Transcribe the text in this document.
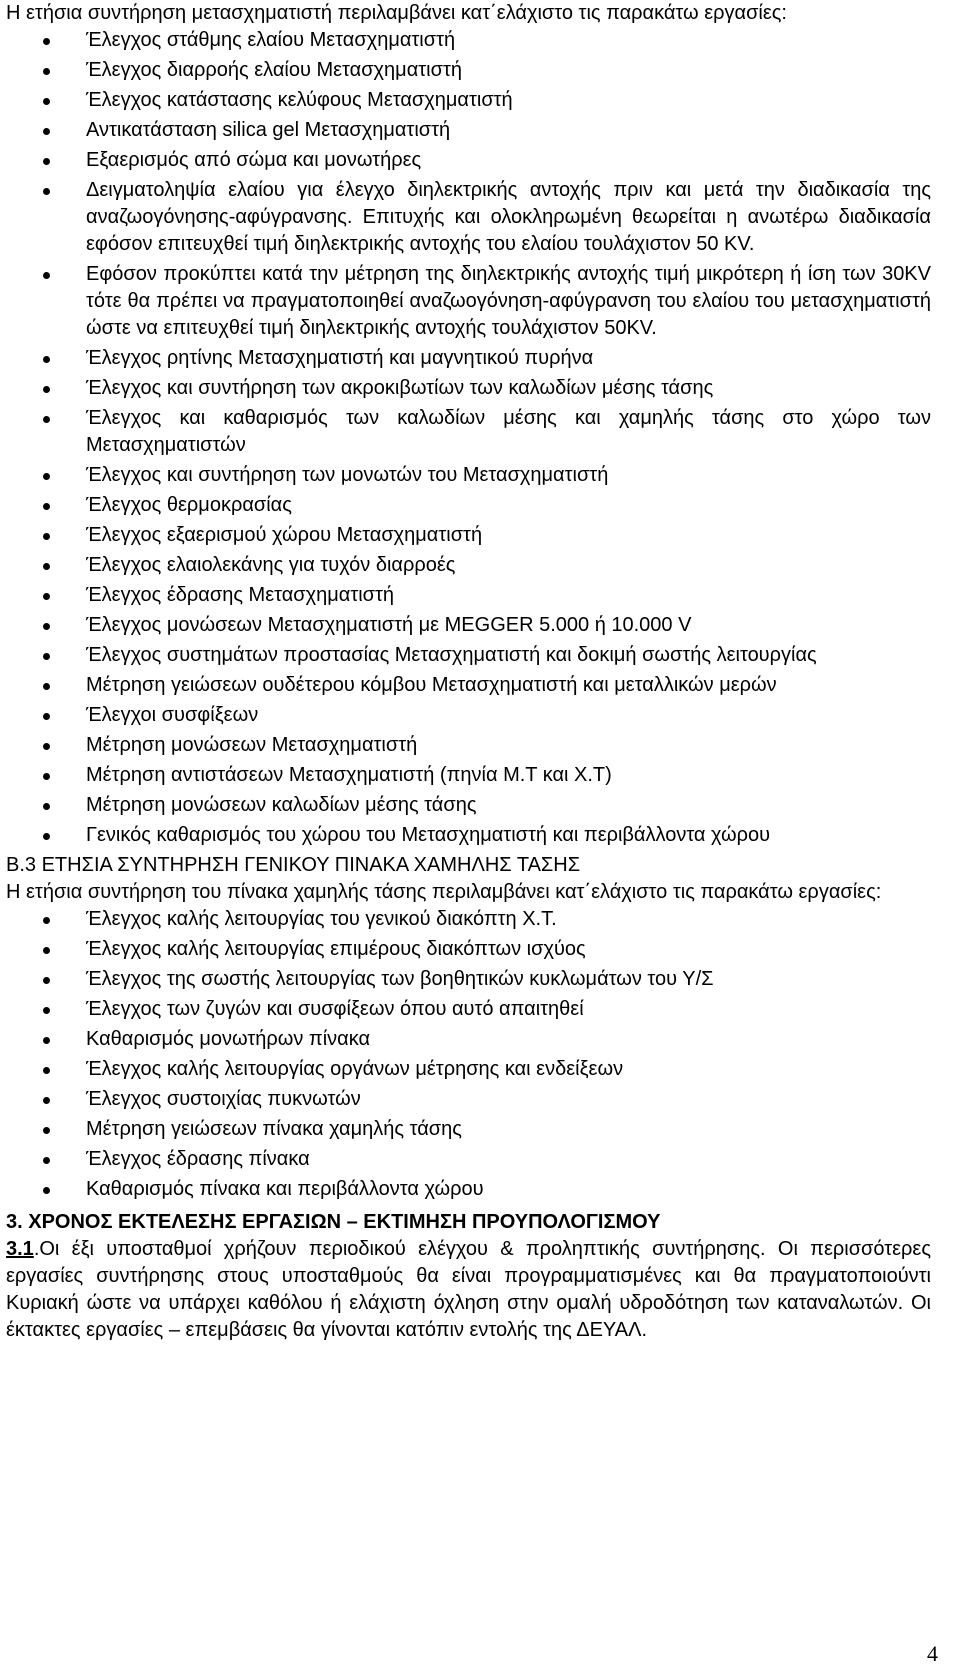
Η ετήσια συντήρηση μετασχηματιστή περιλαμβάνει κατ΄ελάχιστο τις παρακάτω εργασίες:

Έλεγχος στάθμης ελαίου Μετασχηματιστή
Έλεγχος διαρροής ελαίου Μετασχηματιστή
Έλεγχος κατάστασης κελύφους Μετασχηματιστή
Αντικατάσταση silica gel Μετασχηματιστή
Εξαερισμός από σώμα και μονωτήρες
Δειγματοληψία ελαίου για έλεγχο διηλεκτρικής αντοχής πριν και μετά την διαδικασία της αναζωογόνησης-αφύγρανσης. Επιτυχής και ολοκληρωμένη θεωρείται η ανωτέρω διαδικασία εφόσον επιτευχθεί τιμή διηλεκτρικής αντοχής του ελαίου τουλάχιστον 50 KV.
Εφόσον προκύπτει κατά την μέτρηση της διηλεκτρικής αντοχής τιμή μικρότερη ή ίση των 30KV τότε θα πρέπει να πραγματοποιηθεί αναζωογόνηση-αφύγρανση του ελαίου του μετασχηματιστή ώστε να επιτευχθεί τιμή διηλεκτρικής αντοχής τουλάχιστον 50KV.
Έλεγχος ρητίνης Μετασχηματιστή και μαγνητικού πυρήνα
Έλεγχος και συντήρηση των ακροκιβωτίων των καλωδίων μέσης τάσης
Έλεγχος και καθαρισμός των καλωδίων μέσης και χαμηλής τάσης στο χώρο των Μετασχηματιστών
Έλεγχος και συντήρηση των μονωτών του Μετασχηματιστή
Έλεγχος θερμοκρασίας
Έλεγχος εξαερισμού χώρου Μετασχηματιστή
Έλεγχος ελαιολεκάνης για τυχόν διαρροές
Έλεγχος έδρασης Μετασχηματιστή
Έλεγχος μονώσεων Μετασχηματιστή με MEGGER 5.000 ή 10.000 V
Έλεγχος συστημάτων προστασίας Μετασχηματιστή και δοκιμή σωστής λειτουργίας
Μέτρηση γειώσεων ουδέτερου κόμβου Μετασχηματιστή και μεταλλικών μερών
Έλεγχοι συσφίξεων
Μέτρηση μονώσεων Μετασχηματιστή
Μέτρηση αντιστάσεων Μετασχηματιστή (πηνία Μ.Τ και Χ.Τ)
Μέτρηση μονώσεων καλωδίων μέσης τάσης
Γενικός καθαρισμός του χώρου του Μετασχηματιστή και περιβάλλοντα χώρου

Β.3 ΕΤΗΣΙΑ ΣΥΝΤΗΡΗΣΗ ΓΕΝΙΚΟΥ ΠΙΝΑΚΑ ΧΑΜΗΛΗΣ ΤΑΣΗΣ

Η ετήσια συντήρηση του πίνακα χαμηλής τάσης περιλαμβάνει κατ΄ελάχιστο τις παρακάτω εργασίες:

Έλεγχος καλής λειτουργίας του γενικού διακόπτη Χ.Τ.
Έλεγχος καλής λειτουργίας επιμέρους διακόπτων ισχύος
Έλεγχος της σωστής λειτουργίας των βοηθητικών κυκλωμάτων του Υ/Σ
Έλεγχος των ζυγών και συσφίξεων όπου αυτό απαιτηθεί
Καθαρισμός μονωτήρων πίνακα
Έλεγχος καλής λειτουργίας οργάνων μέτρησης και ενδείξεων
Έλεγχος συστοιχίας πυκνωτών
Μέτρηση γειώσεων πίνακα χαμηλής τάσης
Έλεγχος έδρασης πίνακα
Καθαρισμός πίνακα και περιβάλλοντα χώρου

3. ΧΡΟΝΟΣ ΕΚΤΕΛΕΣΗΣ ΕΡΓΑΣΙΩΝ – ΕΚΤΙΜΗΣΗ ΠΡΟΥΠΟΛΟΓΙΣΜΟΥ

3.1.Οι έξι υποσταθμοί χρήζουν περιοδικού ελέγχου & προληπτικής συντήρησης. Οι περισσότερες εργασίες συντήρησης στους υποσταθμούς θα είναι προγραμματισμένες και θα πραγματοποιούντι Κυριακή ώστε να υπάρχει καθόλου ή ελάχιστη όχληση στην ομαλή υδροδότηση των καταναλωτών. Οι έκτακτες εργασίες – επεμβάσεις θα γίνονται κατόπιν εντολής της ΔΕΥΑΛ.

4
